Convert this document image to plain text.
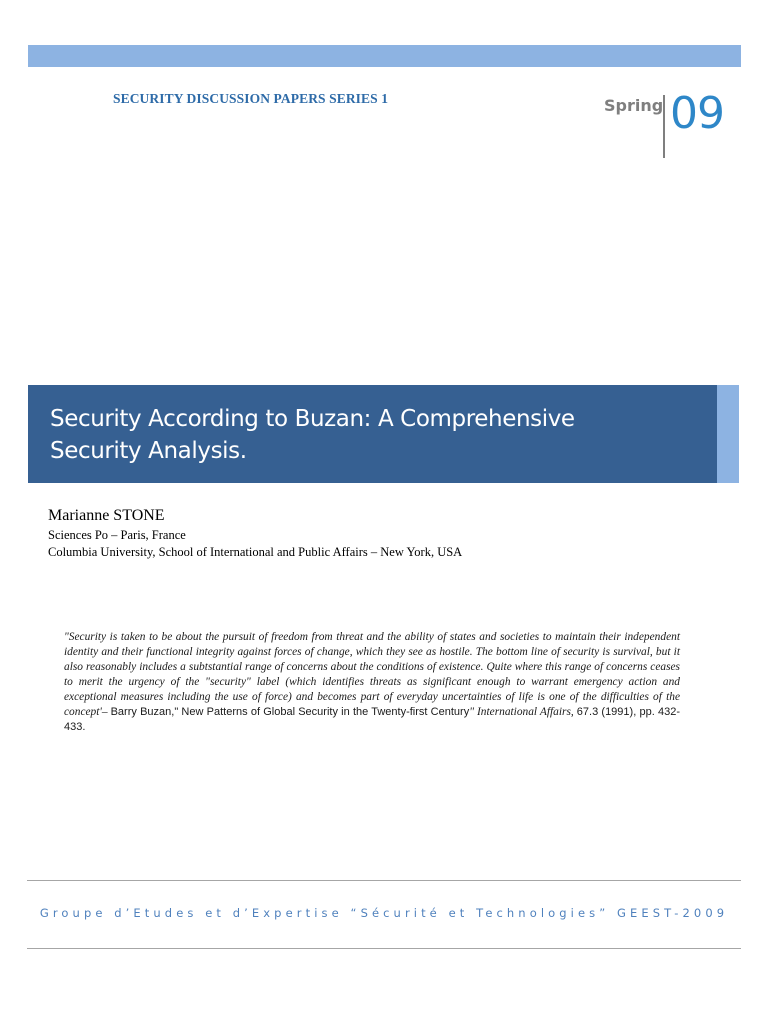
SECURITY DISCUSSION PAPERS SERIES 1	Spring 09
Security According to Buzan: A Comprehensive
Security Analysis.
Marianne STONE
Sciences Po – Paris, France
Columbia University, School of International and Public Affairs – New York, USA

"Security is taken to be about the pursuit of freedom from threat and the ability of states and societies to maintain their independent identity and their functional integrity against forces of change, which they see as hostile. The bottom line of security is survival, but it also reasonably includes a subtstantial range of concerns about the conditions of existence. Quite where this range of concerns ceases to merit the urgency of the "security" label (which identifies threats as significant enough to warrant emergency action and exceptional measures including the use of force) and becomes part of everyday uncertainties of life is one of the difficulties of the concept'– Barry Buzan," New Patterns of Global Security in the Twenty-first Century" International Affairs, 67.3 (1991), pp. 432-433.

Groupe d’Etudes et d’Expertise “Sécurité et Technologies” GEEST-2009
